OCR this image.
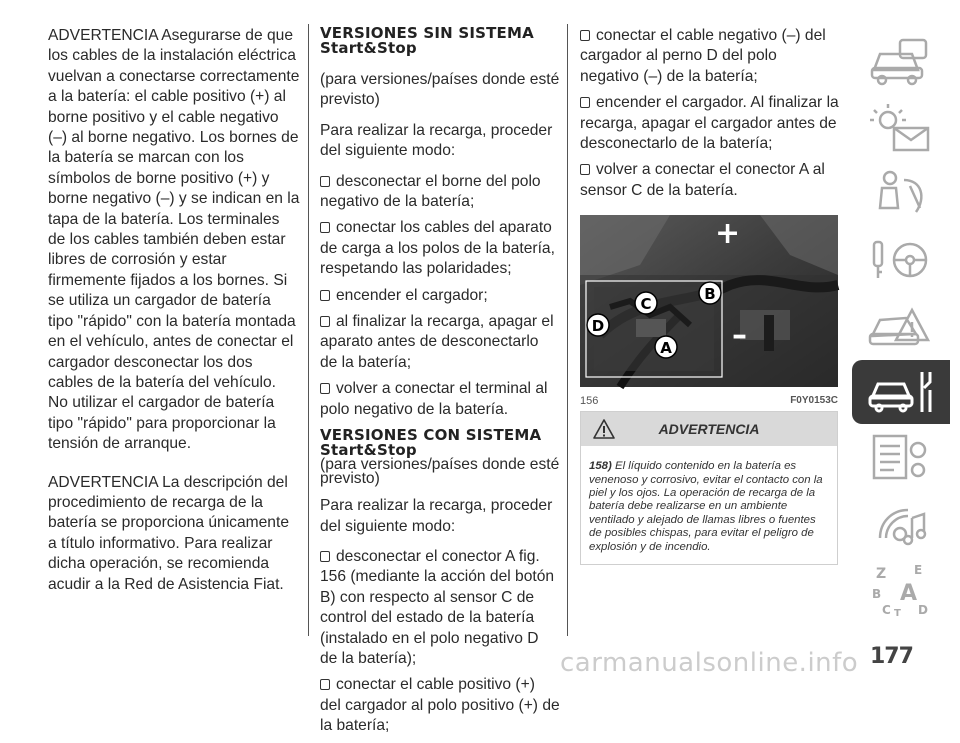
ADVERTENCIA Asegurarse de que los cables de la instalación eléctrica vuelvan a conectarse correctamente a la batería: el cable positivo (+) al borne positivo y el cable negativo (–) al borne negativo. Los bornes de la batería se marcan con los símbolos de borne positivo (+) y borne negativo (–) y se indican en la tapa de la batería. Los terminales de los cables también deben estar libres de corrosión y estar firmemente fijados a los bornes. Si se utiliza un cargador de batería tipo "rápido" con la batería montada en el vehículo, antes de conectar el cargador desconectar los dos cables de la batería del vehículo. No utilizar el cargador de batería tipo "rápido" para proporcionar la tensión de arranque.

ADVERTENCIA La descripción del procedimiento de recarga de la batería se proporciona únicamente a título informativo. Para realizar dicha operación, se recomienda acudir a la Red de Asistencia Fiat.

VERSIONES SIN SISTEMA Start&Stop

(para versiones/países donde esté previsto)

Para realizar la recarga, proceder del siguiente modo:

desconectar el borne del polo negativo de la batería;

conectar los cables del aparato de carga a los polos de la batería, respetando las polaridades;

encender el cargador;

al finalizar la recarga, apagar el aparato antes de desconectarlo de la batería;

volver a conectar el terminal al polo negativo de la batería.

VERSIONES CON SISTEMA Start&Stop

(para versiones/países donde esté previsto)

Para realizar la recarga, proceder del siguiente modo:

desconectar el conector A fig. 156 (mediante la acción del botón B) con respecto al sensor C de control del estado de la batería (instalado en el polo negativo D de la batería);

conectar el cable positivo (+) del cargador al polo positivo (+) de la batería;

conectar el cable negativo (–) del cargador al perno D del polo negativo (–) de la batería;

encender el cargador. Al finalizar la recarga, apagar el cargador antes de desconectarlo de la batería;

volver a conectar el conector A al sensor C de la batería.

+
–
C
B
D
A
156	F0Y0153C
ADVERTENCIA

158) El líquido contenido en la batería es venenoso y corrosivo, evitar el contacto con la piel y los ojos. La operación de recarga de la batería debe realizarse en un ambiente ventilado y alejado de llamas libres o fuentes de posibles chispas, para evitar el peligro de explosión y de incendio.

Z E
B A
C T D
carmanualsonline.info 177
